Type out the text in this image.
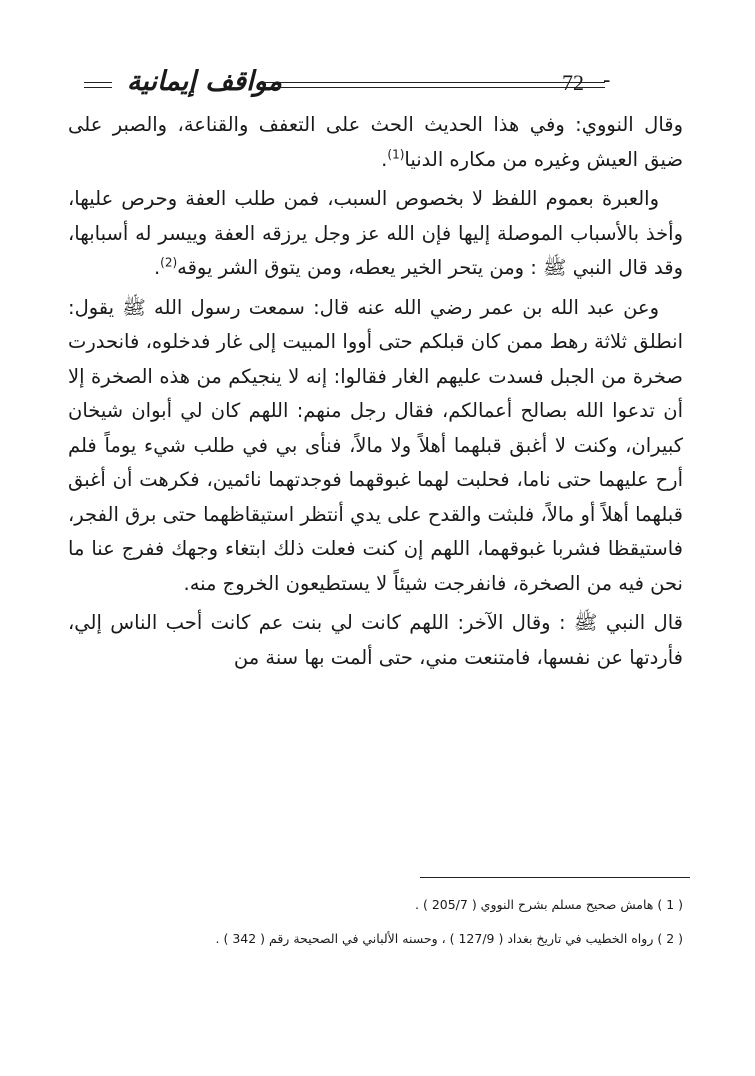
مواقف إيمانية	72 -

وقال النووي: وفي هذا الحديث الحث على التعفف والقناعة، والصبر على ضيق العيش وغيره من مكاره الدنيا$^{(1)}$.

والعبرة بعموم اللفظ لا بخصوص السبب، فمن طلب العفة وحرص عليها، وأخذ بالأسباب الموصلة إليها فإن الله عز وجل يرزقه العفة وييسر له أسبابها، وقد قال النبي ﷺ : ومن يتحر الخير يعطه، ومن يتوق الشر يوقه$^{(2)}$.

وعن عبد الله بن عمر رضي الله عنه قال: سمعت رسول الله ﷺ يقول: انطلق ثلاثة رهط ممن كان قبلكم حتى أووا المبيت إلى غار فدخلوه، فانحدرت صخرة من الجبل فسدت عليهم الغار فقالوا: إنه لا ينجيكم من هذه الصخرة إلا أن تدعوا الله بصالح أعمالكم، فقال رجل منهم: اللهم كان لي أبوان شيخان كبيران، وكنت لا أغبق قبلهما أهلاً ولا مالاً، فنأى بي في طلب شيء يوماً فلم أرح عليهما حتى ناما، فحلبت لهما غبوقهما فوجدتهما نائمين، فكرهت أن أغبق قبلهما أهلاً أو مالاً، فلبثت والقدح على يدي أنتظر استيقاظهما حتى برق الفجر، فاستيقظا فشربا غبوقهما، اللهم إن كنت فعلت ذلك ابتغاء وجهك ففرج عنا ما نحن فيه من الصخرة، فانفرجت شيئاً لا يستطيعون الخروج منه.

قال النبي ﷺ : وقال الآخر: اللهم كانت لي بنت عم كانت أحب الناس إلي، فأردتها عن نفسها، فامتنعت مني، حتى ألمت بها سنة من

( 1 ) هامش صحيح مسلم بشرح النووي ( 205/7 ) .

( 2 ) رواه الخطيب في تاريخ بغداد ( 127/9 ) ، وحسنه الألباني في الصحيحة رقم ( 342 ) .
